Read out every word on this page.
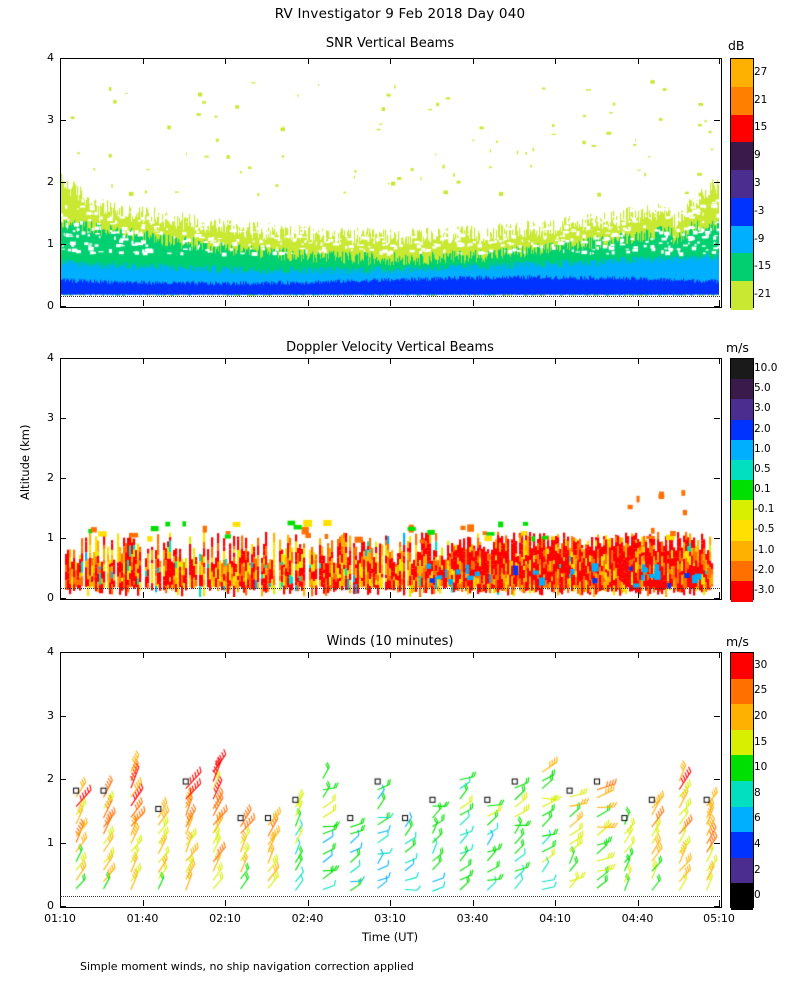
RV Investigator 9 Feb 2018 Day 040
Altitude (km)
SNR Vertical Beams
Doppler Velocity Vertical Beams
Winds (10 minutes)
Time (UT)
Simple moment winds, no ship navigation correction applied
dB
m/s
m/s
0
1
2
3
4
0
1
2
3
4
0
1
2
3
4
01:10	01:40	02:10	02:40	03:10	03:40	04:10	04:40	05:10
27
21
15
9
3
-3
-9
-15
-21
10.0
5.0
3.0
2.0
1.0
0.5
0.1
-0.1
-0.5
-1.0
-2.0
-3.0
30
25
20
15
10
8
6
4
2
0
